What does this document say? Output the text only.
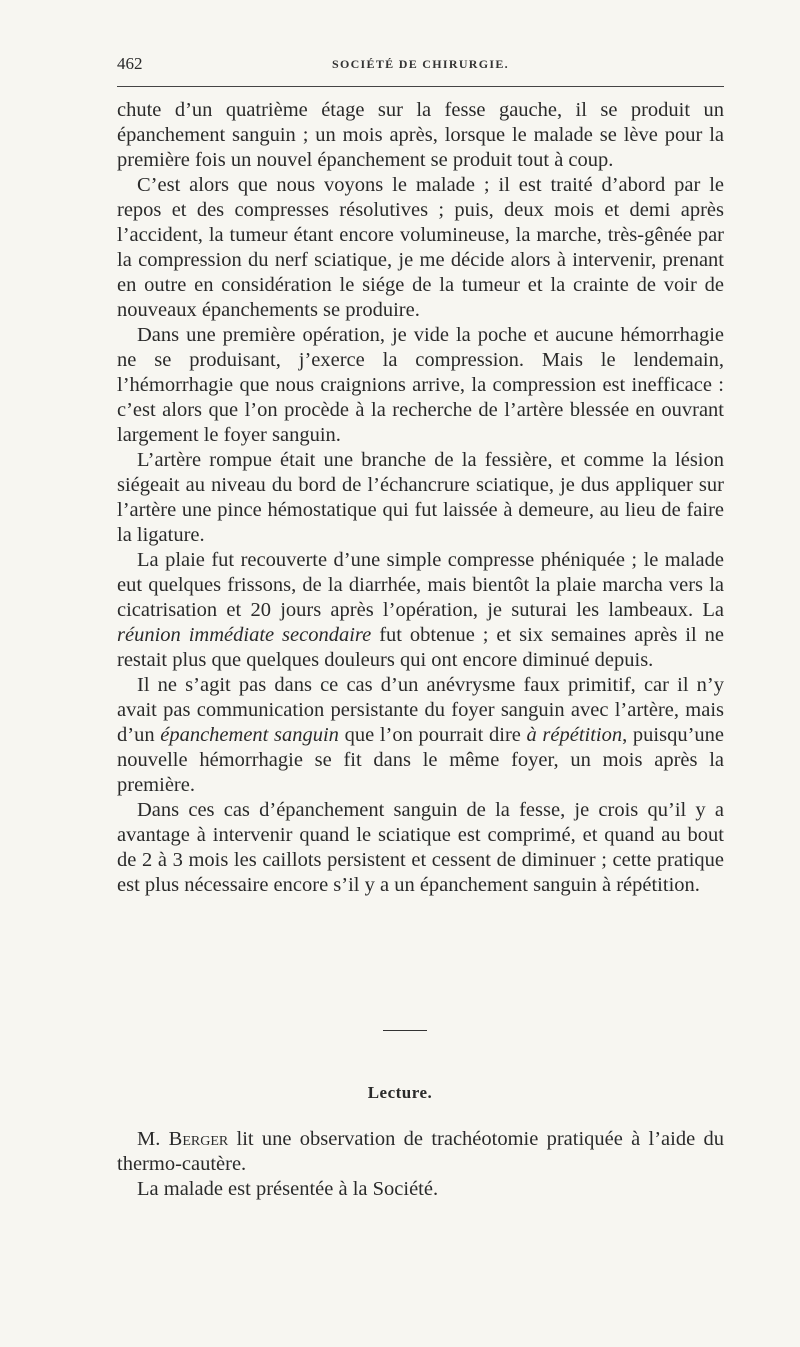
462	SOCIÉTÉ DE CHIRURGIE.

chute d’un quatrième étage sur la fesse gauche, il se produit un épanchement sanguin ; un mois après, lorsque le malade se lève pour la première fois un nouvel épanchement se produit tout à coup.

C’est alors que nous voyons le malade ; il est traité d’abord par le repos et des compresses résolutives ; puis, deux mois et demi après l’accident, la tumeur étant encore volumineuse, la marche, très-gênée par la compression du nerf sciatique, je me décide alors à intervenir, prenant en outre en considération le siége de la tumeur et la crainte de voir de nouveaux épanchements se produire.

Dans une première opération, je vide la poche et aucune hémorrhagie ne se produisant, j’exerce la compression. Mais le lendemain, l’hémorrhagie que nous craignions arrive, la compression est inefficace : c’est alors que l’on procède à la recherche de l’artère blessée en ouvrant largement le foyer sanguin.

L’artère rompue était une branche de la fessière, et comme la lésion siégeait au niveau du bord de l’échancrure sciatique, je dus appliquer sur l’artère une pince hémostatique qui fut laissée à demeure, au lieu de faire la ligature.

La plaie fut recouverte d’une simple compresse phéniquée ; le malade eut quelques frissons, de la diarrhée, mais bientôt la plaie marcha vers la cicatrisation et 20 jours après l’opération, je suturai les lambeaux. La réunion immédiate secondaire fut obtenue ; et six semaines après il ne restait plus que quelques douleurs qui ont encore diminué depuis.

Il ne s’agit pas dans ce cas d’un anévrysme faux primitif, car il n’y avait pas communication persistante du foyer sanguin avec l’artère, mais d’un épanchement sanguin que l’on pourrait dire à répétition, puisqu’une nouvelle hémorrhagie se fit dans le même foyer, un mois après la première.

Dans ces cas d’épanchement sanguin de la fesse, je crois qu’il y a avantage à intervenir quand le sciatique est comprimé, et quand au bout de 2 à 3 mois les caillots persistent et cessent de diminuer ; cette pratique est plus nécessaire encore s’il y a un épanchement sanguin à répétition.

Lecture.

M. Berger lit une observation de trachéotomie pratiquée à l’aide du thermo-cautère.

La malade est présentée à la Société.
